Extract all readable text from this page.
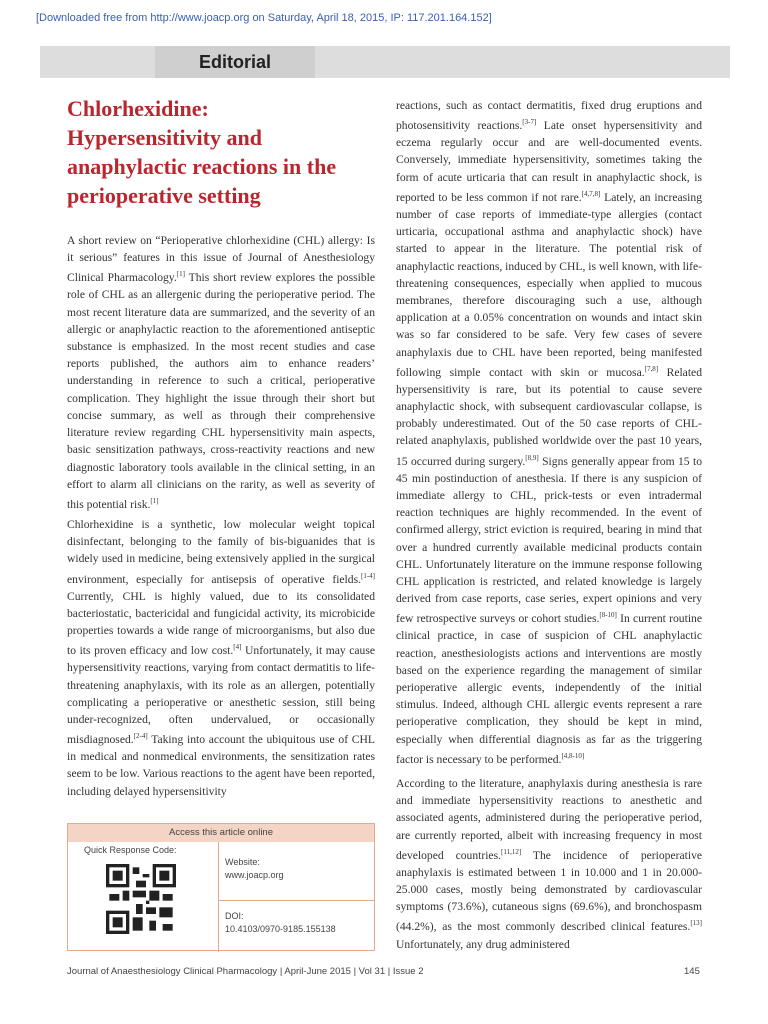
[Downloaded free from http://www.joacp.org on Saturday, April 18, 2015, IP: 117.201.164.152]
Editorial
Chlorhexidine: Hypersensitivity and anaphylactic reactions in the perioperative setting
A short review on “Perioperative chlorhexidine (CHL) allergy: Is it serious” features in this issue of Journal of Anesthesiology Clinical Pharmacology.[1] This short review explores the possible role of CHL as an allergenic during the perioperative period. The most recent literature data are summarized, and the severity of an allergic or anaphylactic reaction to the aforementioned antiseptic substance is emphasized. In the most recent studies and case reports published, the authors aim to enhance readers’ understanding in reference to such a critical, perioperative complication. They highlight the issue through their short but concise summary, as well as through their comprehensive literature review regarding CHL hypersensitivity main aspects, basic sensitization pathways, cross-reactivity reactions and new diagnostic laboratory tools available in the clinical setting, in an effort to alarm all clinicians on the rarity, as well as severity of this potential risk.[1]
Chlorhexidine is a synthetic, low molecular weight topical disinfectant, belonging to the family of bis-biguanides that is widely used in medicine, being extensively applied in the surgical environment, especially for antisepsis of operative fields.[1-4] Currently, CHL is highly valued, due to its consolidated bacteriostatic, bactericidal and fungicidal activity, its microbicide properties towards a wide range of microorganisms, but also due to its proven efficacy and low cost.[4] Unfortunately, it may cause hypersensitivity reactions, varying from contact dermatitis to life-threatening anaphylaxis, with its role as an allergen, potentially complicating a perioperative or anesthetic session, still being under-recognized, often undervalued, or occasionally misdiagnosed.[2-4] Taking into account the ubiquitous use of CHL in medical and nonmedical environments, the sensitization rates seem to be low. Various reactions to the agent have been reported, including delayed hypersensitivity
reactions, such as contact dermatitis, fixed drug eruptions and photosensitivity reactions.[3-7] Late onset hypersensitivity and eczema regularly occur and are well-documented events. Conversely, immediate hypersensitivity, sometimes taking the form of acute urticaria that can result in anaphylactic shock, is reported to be less common if not rare.[4,7,8] Lately, an increasing number of case reports of immediate-type allergies (contact urticaria, occupational asthma and anaphylactic shock) have started to appear in the literature. The potential risk of anaphylactic reactions, induced by CHL, is well known, with life-threatening consequences, especially when applied to mucous membranes, therefore discouraging such a use, although application at a 0.05% concentration on wounds and intact skin was so far considered to be safe. Very few cases of severe anaphylaxis due to CHL have been reported, being manifested following simple contact with skin or mucosa.[7,8] Related hypersensitivity is rare, but its potential to cause severe anaphylactic shock, with subsequent cardiovascular collapse, is probably underestimated. Out of the 50 case reports of CHL-related anaphylaxis, published worldwide over the past 10 years, 15 occurred during surgery.[8,9] Signs generally appear from 15 to 45 min postinduction of anesthesia. If there is any suspicion of immediate allergy to CHL, prick-tests or even intradermal reaction techniques are highly recommended. In the event of confirmed allergy, strict eviction is required, bearing in mind that over a hundred currently available medicinal products contain CHL. Unfortunately literature on the immune response following CHL application is restricted, and related knowledge is largely derived from case reports, case series, expert opinions and very few retrospective surveys or cohort studies.[8-10] In current routine clinical practice, in case of suspicion of CHL anaphylactic reaction, anesthesiologists actions and interventions are mostly based on the experience regarding the management of similar perioperative allergic events, independently of the initial stimulus. Indeed, although CHL allergic events represent a rare perioperative complication, they should be kept in mind, especially when differential diagnosis as far as the triggering factor is necessary to be performed.[4,8-10]
According to the literature, anaphylaxis during anesthesia is rare and immediate hypersensitivity reactions to anesthetic and associated agents, administered during the perioperative period, are currently reported, albeit with increasing frequency in most developed countries.[11,12] The incidence of perioperative anaphylaxis is estimated between 1 in 10.000 and 1 in 20.000-25.000 cases, mostly being demonstrated by cardiovascular symptoms (73.6%), cutaneous signs (69.6%), and bronchospasm (44.2%), as the most commonly described clinical features.[13] Unfortunately, any drug administered
Access this article online
Quick Response Code:
Website:
www.joacp.org
DOI:
10.4103/0970-9185.155138
Journal of Anaesthesiology Clinical Pharmacology | April-June 2015 | Vol 31 | Issue 2	145
